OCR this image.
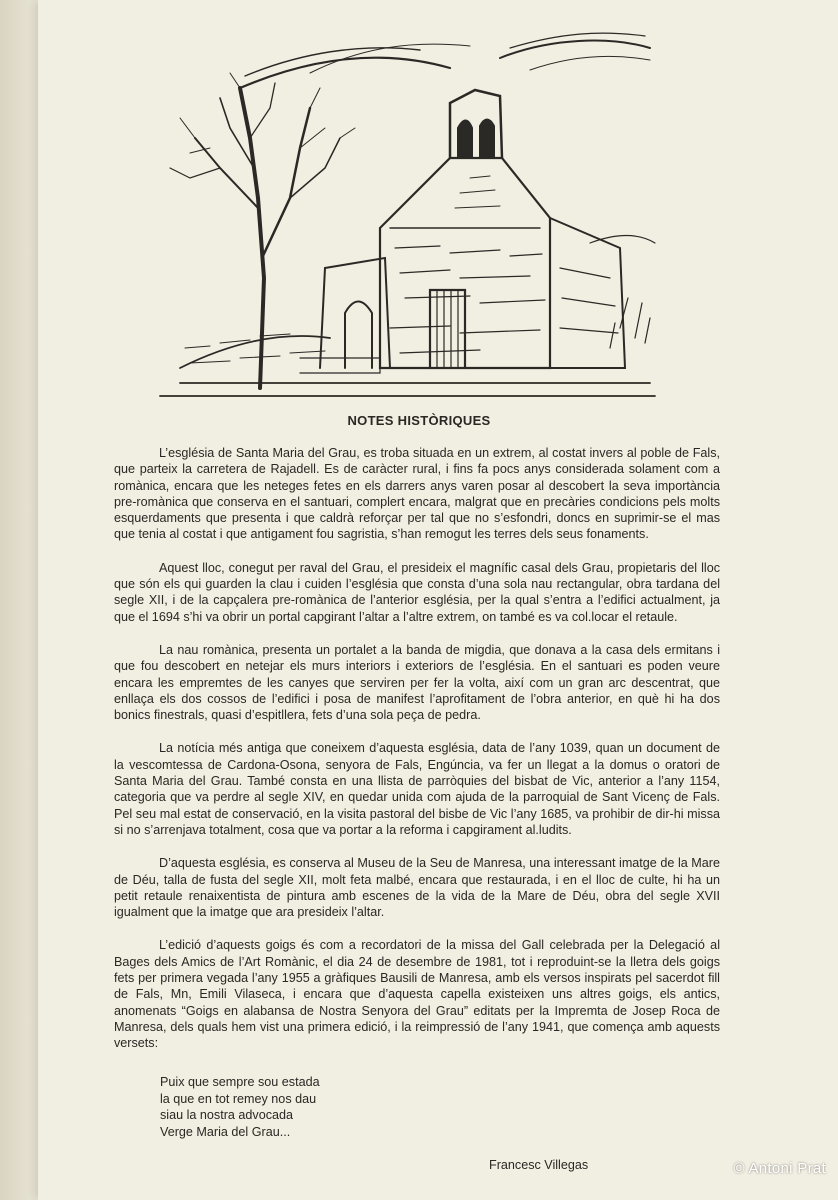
NOTES HISTÒRIQUES

L’església de Santa Maria del Grau, es troba situada en un extrem, al costat invers al poble de Fals, que parteix la carretera de Rajadell. Es de caràcter rural, i fins fa pocs anys considerada solament com a romànica, encara que les neteges fetes en els darrers anys varen posar al descobert la seva importància pre-romànica que conserva en el santuari, complert encara, malgrat que en precàries condicions pels molts esquerdaments que presenta i que caldrà reforçar per tal que no s’esfondri, doncs en suprimir-se el mas que tenia al costat i que antigament fou sagristia, s’han remogut les terres dels seus fonaments.

Aquest lloc, conegut per raval del Grau, el presideix el magnífic casal dels Grau, propietaris del lloc que són els qui guarden la clau i cuiden l’església que consta d’una sola nau rectangular, obra tardana del segle XII, i de la capçalera pre-romànica de l’anterior església, per la qual s’entra a l’edifici actualment, ja que el 1694 s’hi va obrir un portal capgirant l’altar a l’altre extrem, on també es va col.locar el retaule.

La nau romànica, presenta un portalet a la banda de migdia, que donava a la casa dels ermitans i que fou descobert en netejar els murs interiors i exteriors de l’església. En el santuari es poden veure encara les empremtes de les canyes que serviren per fer la volta, així com un gran arc descentrat, que enllaça els dos cossos de l’edifici i posa de manifest l’aprofitament de l’obra anterior, en què hi ha dos bonics finestrals, quasi d’espitllera, fets d’una sola peça de pedra.

La notícia més antiga que coneixem d’aquesta església, data de l’any 1039, quan un document de la vescomtessa de Cardona-Osona, senyora de Fals, Engúncia, va fer un llegat a la domus o oratori de Santa Maria del Grau. També consta en una llista de parròquies del bisbat de Vic, anterior a l’any 1154, categoria que va perdre al segle XIV, en quedar unida com ajuda de la parroquial de Sant Vicenç de Fals. Pel seu mal estat de conservació, en la visita pastoral del bisbe de Vic l’any 1685, va prohibir de dir-hi missa si no s’arrenjava totalment, cosa que va portar a la reforma i capgirament al.ludits.

D’aquesta església, es conserva al Museu de la Seu de Manresa, una interessant imatge de la Mare de Déu, talla de fusta del segle XII, molt feta malbé, encara que restaurada, i en el lloc de culte, hi ha un petit retaule renaixentista de pintura amb escenes de la vida de la Mare de Déu, obra del segle XVII igualment que la imatge que ara presideix l’altar.

L’edició d’aquests goigs és com a recordatori de la missa del Gall celebrada per la Delegació al Bages dels Amics de l’Art Romànic, el dia 24 de desembre de 1981, tot i reproduint-se la lletra dels goigs fets per primera vegada l’any 1955 a gràfiques Bausili de Manresa, amb els versos inspirats pel sacerdot fill de Fals, Mn, Emili Vilaseca, i encara que d’aquesta capella existeixen uns altres goigs, els antics, anomenats “Goigs en alabansa de Nostra Senyora del Grau” editats per la Impremta de Josep Roca de Manresa, dels quals hem vist una primera edició, i la reimpressió de l’any 1941, que comença amb aquests versets:

Puix que sempre sou estada
la que en tot remey nos dau
siau la nostra advocada
Verge Maria del Grau...
Francesc Villegas	© Antoni Prat
